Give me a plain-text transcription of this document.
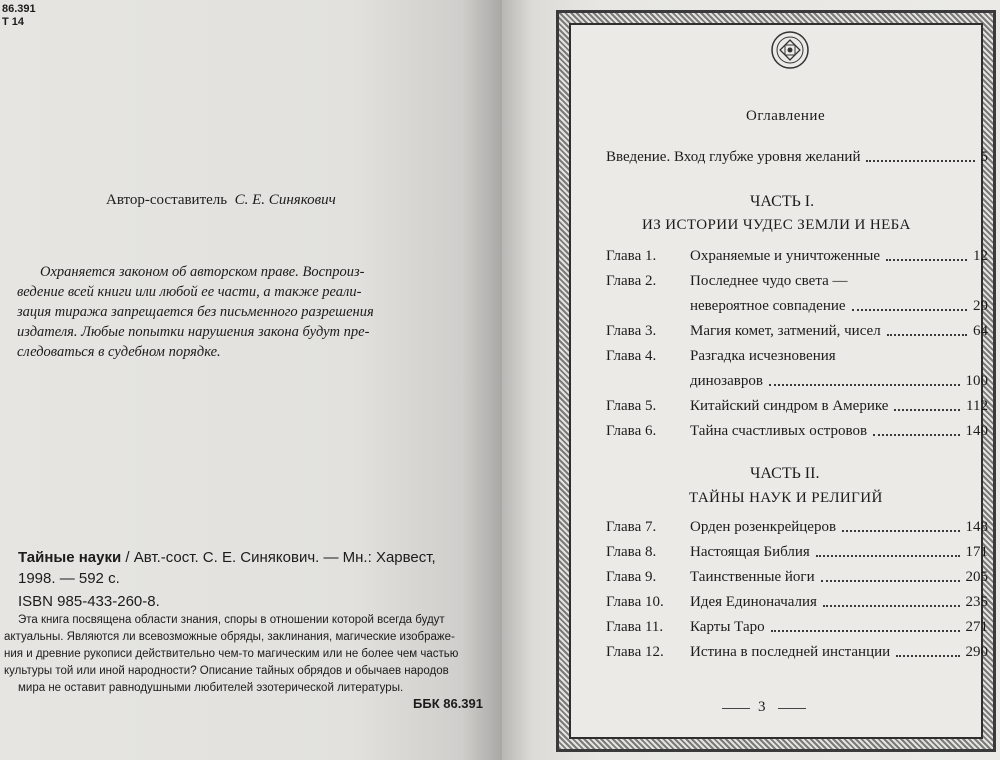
86.391
Т 14
Автор-составитель С. Е. Синякович
Охраняется законом об авторском праве. Воспроиз-
ведение всей книги или любой ее части, а также реали-
зация тиража запрещается без письменного разрешения
издателя. Любые попытки нарушения закона будут пре-
следоваться в судебном порядке.
Тайные науки / Авт.-сост. С. Е. Синякович. — Мн.: Харвест,
1998. — 592 с.
ISBN 985-433-260-8.
Эта книга посвящена области знания, споры в отношении которой всегда будут
актуальны. Являются ли всевозможные обряды, заклинания, магические изображе-
ния и древние рукописи действительно чем-то магическим или не более чем частью
культуры той или иной народности? Описание тайных обрядов и обычаев народов
мира не оставит равнодушными любителей эзотерической литературы.
ББК 86.391
Оглавление
Введение. Вход глубже уровня желаний	5
ЧАСТЬ I.
ИЗ ИСТОРИИ ЧУДЕС ЗЕМЛИ И НЕБА
Глава 1. Охраняемые и уничтоженные	12
Глава 2. Последнее чудо света —
невероятное совпадение	29
Глава 3. Магия комет, затмений, чисел	64
Глава 4. Разгадка исчезновения
динозавров	100
Глава 5. Китайский синдром в Америке	112
Глава 6. Тайна счастливых островов	140
ЧАСТЬ II.
ТАЙНЫ НАУК И РЕЛИГИЙ
Глава 7. Орден розенкрейцеров	148
Глава 8. Настоящая Библия	171
Глава 9. Таинственные йоги	205
Глава 10. Идея Единоначалия	235
Глава 11. Карты Таро	271
Глава 12. Истина в последней инстанции	290
3
